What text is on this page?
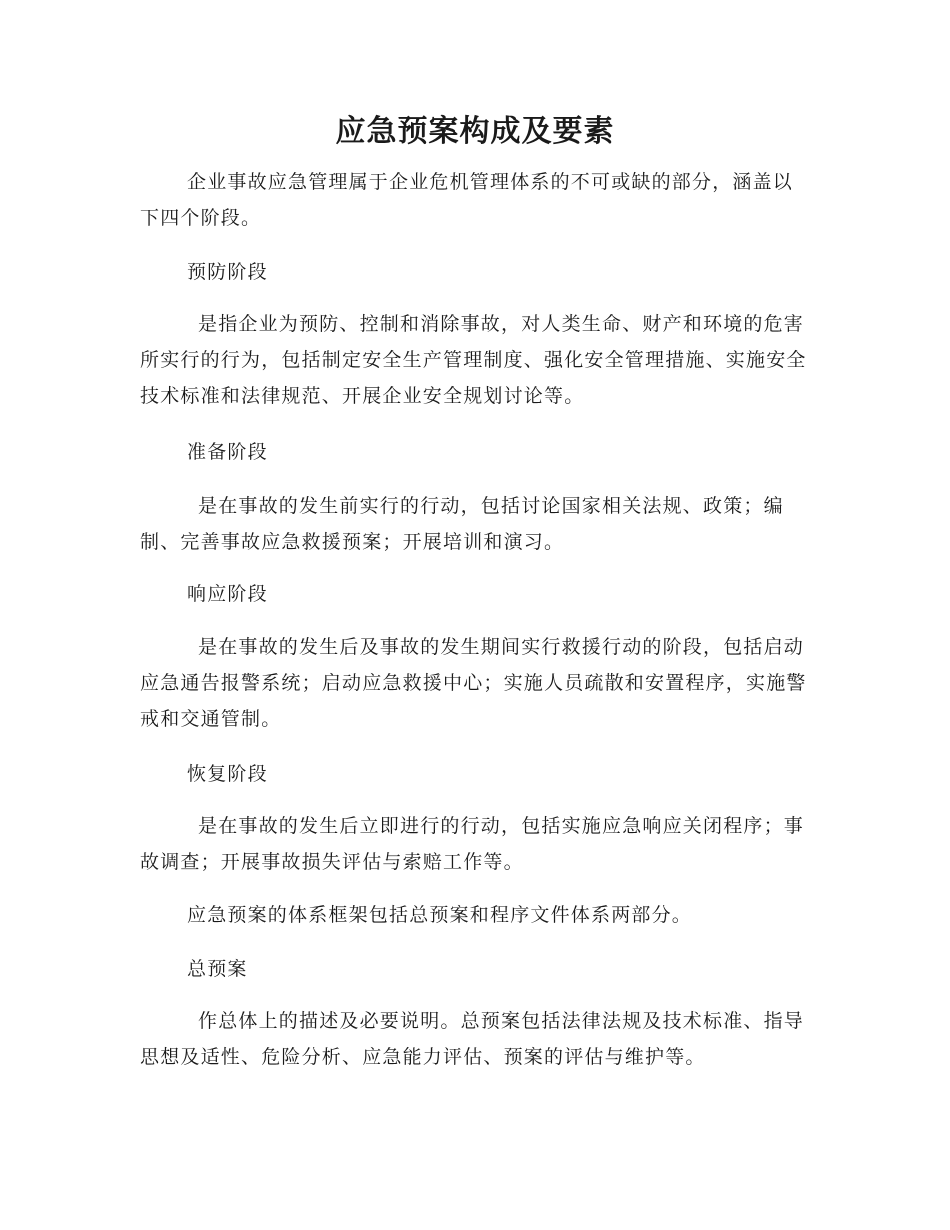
应急预案构成及要素

企业事故应急管理属于企业危机管理体系的不可或缺的部分，涵盖以下四个阶段。

预防阶段

是指企业为预防、控制和消除事故，对人类生命、财产和环境的危害所实行的行为，包括制定安全生产管理制度、强化安全管理措施、实施安全技术标准和法律规范、开展企业安全规划讨论等。

准备阶段

是在事故的发生前实行的行动，包括讨论国家相关法规、政策；编制、完善事故应急救援预案；开展培训和演习。

响应阶段

是在事故的发生后及事故的发生期间实行救援行动的阶段，包括启动应急通告报警系统；启动应急救援中心；实施人员疏散和安置程序，实施警戒和交通管制。

恢复阶段

是在事故的发生后立即进行的行动，包括实施应急响应关闭程序；事故调查；开展事故损失评估与索赔工作等。

应急预案的体系框架包括总预案和程序文件体系两部分。

总预案

作总体上的描述及必要说明。总预案包括法律法规及技术标准、指导思想及适性、危险分析、应急能力评估、预案的评估与维护等。
